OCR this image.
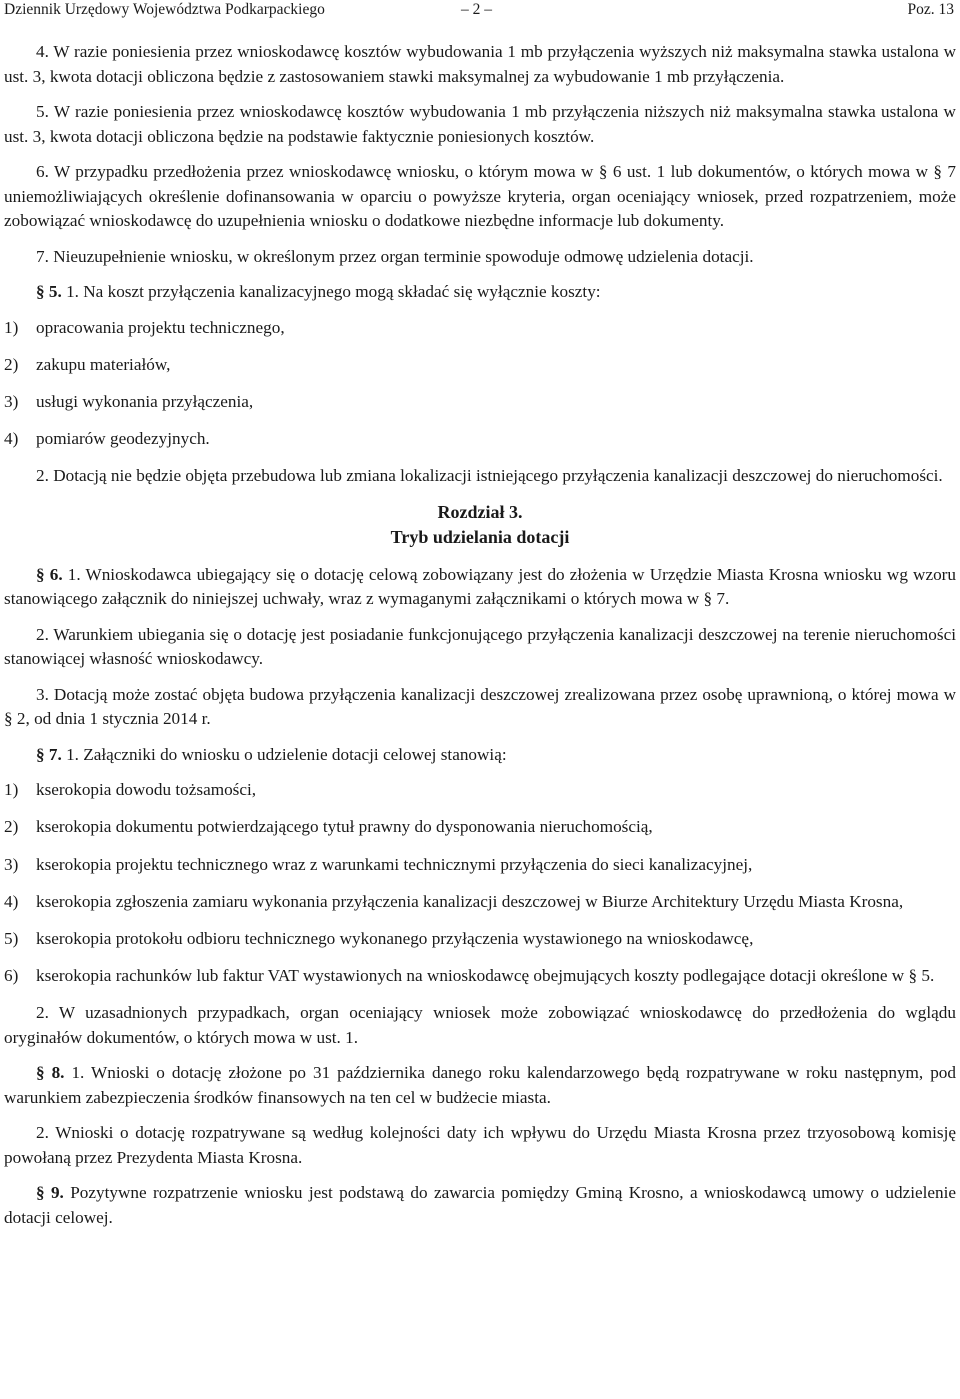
Dziennik Urzędowy Województwa Podkarpackiego	– 2 –	Poz. 13

4. W razie poniesienia przez wnioskodawcę kosztów wybudowania 1 mb przyłączenia wyższych niż maksymalna stawka ustalona w ust. 3, kwota dotacji obliczona będzie z zastosowaniem stawki maksymalnej za wybudowanie 1 mb przyłączenia.

5. W razie poniesienia przez wnioskodawcę kosztów wybudowania 1 mb przyłączenia niższych niż maksymalna stawka ustalona w ust. 3, kwota dotacji obliczona będzie na podstawie faktycznie poniesionych kosztów.

6. W przypadku przedłożenia przez wnioskodawcę wniosku, o którym mowa w § 6 ust. 1 lub dokumentów, o których mowa w § 7 uniemożliwiających określenie dofinansowania w oparciu o powyższe kryteria, organ oceniający wniosek, przed rozpatrzeniem, może zobowiązać wnioskodawcę do uzupełnienia wniosku o dodatkowe niezbędne informacje lub dokumenty.

7. Nieuzupełnienie wniosku, w określonym przez organ terminie spowoduje odmowę udzielenia dotacji.

§ 5. 1. Na koszt przyłączenia kanalizacyjnego mogą składać się wyłącznie koszty:

1) opracowania projektu technicznego,
2) zakupu materiałów,
3) usługi wykonania przyłączenia,
4) pomiarów geodezyjnych.

2. Dotacją nie będzie objęta przebudowa lub zmiana lokalizacji istniejącego przyłączenia kanalizacji deszczowej do nieruchomości.

Rozdział 3.
Tryb udzielania dotacji

§ 6. 1. Wnioskodawca ubiegający się o dotację celową zobowiązany jest do złożenia w Urzędzie Miasta Krosna wniosku wg wzoru stanowiącego załącznik do niniejszej uchwały, wraz z wymaganymi załącznikami o których mowa w § 7.

2. Warunkiem ubiegania się o dotację jest posiadanie funkcjonującego przyłączenia kanalizacji deszczowej na terenie nieruchomości stanowiącej własność wnioskodawcy.

3. Dotacją może zostać objęta budowa przyłączenia kanalizacji deszczowej zrealizowana przez osobę uprawnioną, o której mowa w § 2, od dnia 1 stycznia 2014 r.

§ 7. 1. Załączniki do wniosku o udzielenie dotacji celowej stanowią:

1) kserokopia dowodu tożsamości,
2) kserokopia dokumentu potwierdzającego tytuł prawny do dysponowania nieruchomością,
3) kserokopia projektu technicznego wraz z warunkami technicznymi przyłączenia do sieci kanalizacyjnej,
4) kserokopia zgłoszenia zamiaru wykonania przyłączenia kanalizacji deszczowej w Biurze Architektury Urzędu Miasta Krosna,
5) kserokopia protokołu odbioru technicznego wykonanego przyłączenia wystawionego na wnioskodawcę,
6) kserokopia rachunków lub faktur VAT wystawionych na wnioskodawcę obejmujących koszty podlegające dotacji określone w § 5.

2. W uzasadnionych przypadkach, organ oceniający wniosek może zobowiązać wnioskodawcę do przedłożenia do wglądu oryginałów dokumentów, o których mowa w ust. 1.

§ 8. 1. Wnioski o dotację złożone po 31 października danego roku kalendarzowego będą rozpatrywane w roku następnym, pod warunkiem zabezpieczenia środków finansowych na ten cel w budżecie miasta.

2. Wnioski o dotację rozpatrywane są według kolejności daty ich wpływu do Urzędu Miasta Krosna przez trzyosobową komisję powołaną przez Prezydenta Miasta Krosna.

§ 9. Pozytywne rozpatrzenie wniosku jest podstawą do zawarcia pomiędzy Gminą Krosno, a wnioskodawcą umowy o udzielenie dotacji celowej.
